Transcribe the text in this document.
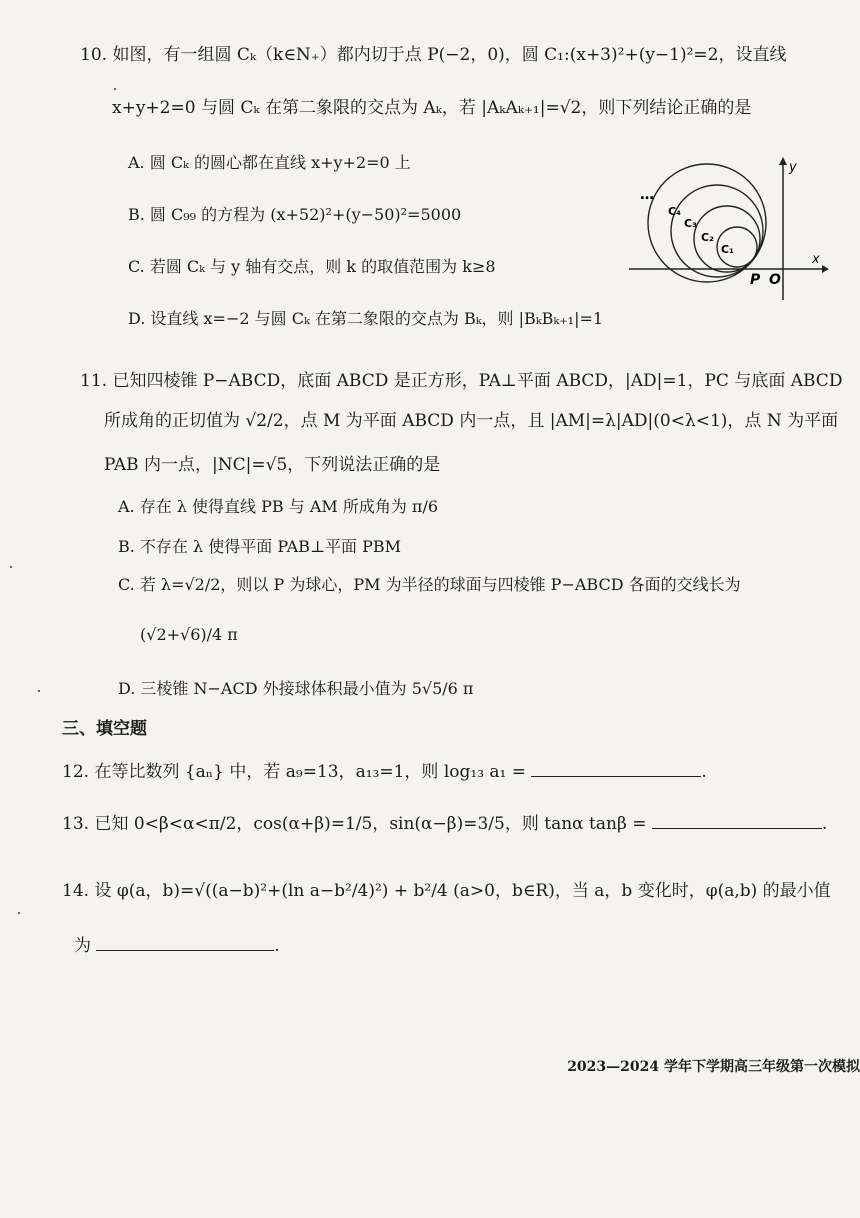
10. 如图，有一组圆 Cₖ（k∈N₊）都内切于点 P(−2，0)，圆 C₁:(x+3)²+(y−1)²=2，设直线
x+y+2=0 与圆 Cₖ 在第二象限的交点为 Aₖ，若 |AₖAₖ₊₁|=√2，则下列结论正确的是
A. 圆 Cₖ 的圆心都在直线 x+y+2=0 上
B. 圆 C₉₉ 的方程为 (x+52)²+(y−50)²=5000
C. 若圆 Cₖ 与 y 轴有交点，则 k 的取值范围为 k≥8
D. 设直线 x=−2 与圆 Cₖ 在第二象限的交点为 Bₖ，则 |BₖBₖ₊₁|=1
C₁
C₂
C₃
C₄
…
y
x
P O
11. 已知四棱锥 P−ABCD，底面 ABCD 是正方形，PA⊥平面 ABCD，|AD|=1，PC 与底面 ABCD
所成角的正切值为 √2/2，点 M 为平面 ABCD 内一点，且 |AM|=λ|AD|(0<λ<1)，点 N 为平面
PAB 内一点，|NC|=√5，下列说法正确的是
A. 存在 λ 使得直线 PB 与 AM 所成角为 π/6
B. 不存在 λ 使得平面 PAB⊥平面 PBM
C. 若 λ=√2/2，则以 P 为球心，PM 为半径的球面与四棱锥 P−ABCD 各面的交线长为
(√2+√6)/4 π
D. 三棱锥 N−ACD 外接球体积最小值为 5√5/6 π
三、填空题
12. 在等比数列 {aₙ} 中，若 a₉=13，a₁₃=1，则 log₁₃ a₁ =	.
13. 已知 0<β<α<π/2，cos(α+β)=1/5，sin(α−β)=3/5，则 tanα tanβ =	.
14. 设 φ(a，b)=√((a−b)²+(ln a−b²/4)²) + b²/4 (a>0，b∈R)，当 a，b 变化时，φ(a,b) 的最小值
为	.
2023—2024 学年下学期高三年级第一次模拟
